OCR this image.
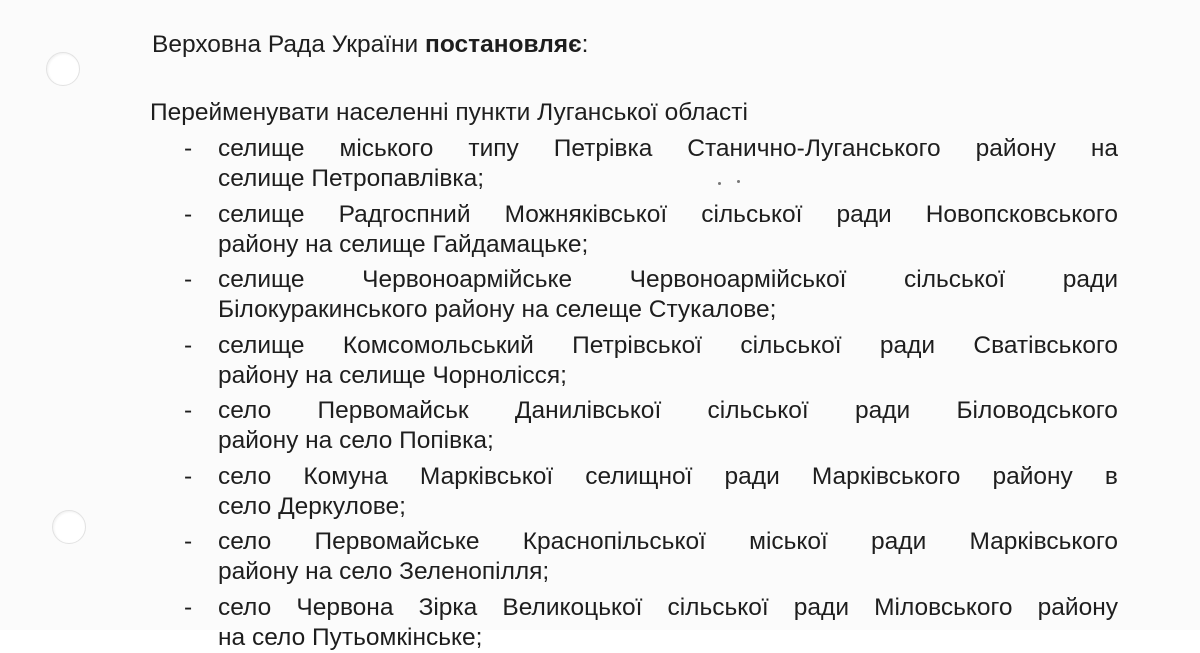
Верховна Рада України постановляє:
Перейменувати населенні пункти Луганської області
- селище міського типу Петрівка Станично-Луганського району на
селище Петропавлівка;
- селище Радгоспний Можняківської сільської ради Новопсковського
району на селище Гайдамацьке;
- селище Червоноармійське Червоноармійської сільської ради
Білокуракинського району на селеще Стукалове;
- селище Комсомольський Петрівської сільської ради Сватівського
району на селище Чорнолісся;
- село Первомайськ Данилівської сільської ради Біловодського
району на село Попівка;
- село Комуна Марківської селищної ради Марківського району в
село Деркулове;
- село Первомайське Краснопільської міської ради Марківського
району на село Зеленопілля;
- село Червона Зірка Великоцької сільської ради Міловського району
на село Путьомкінське;
